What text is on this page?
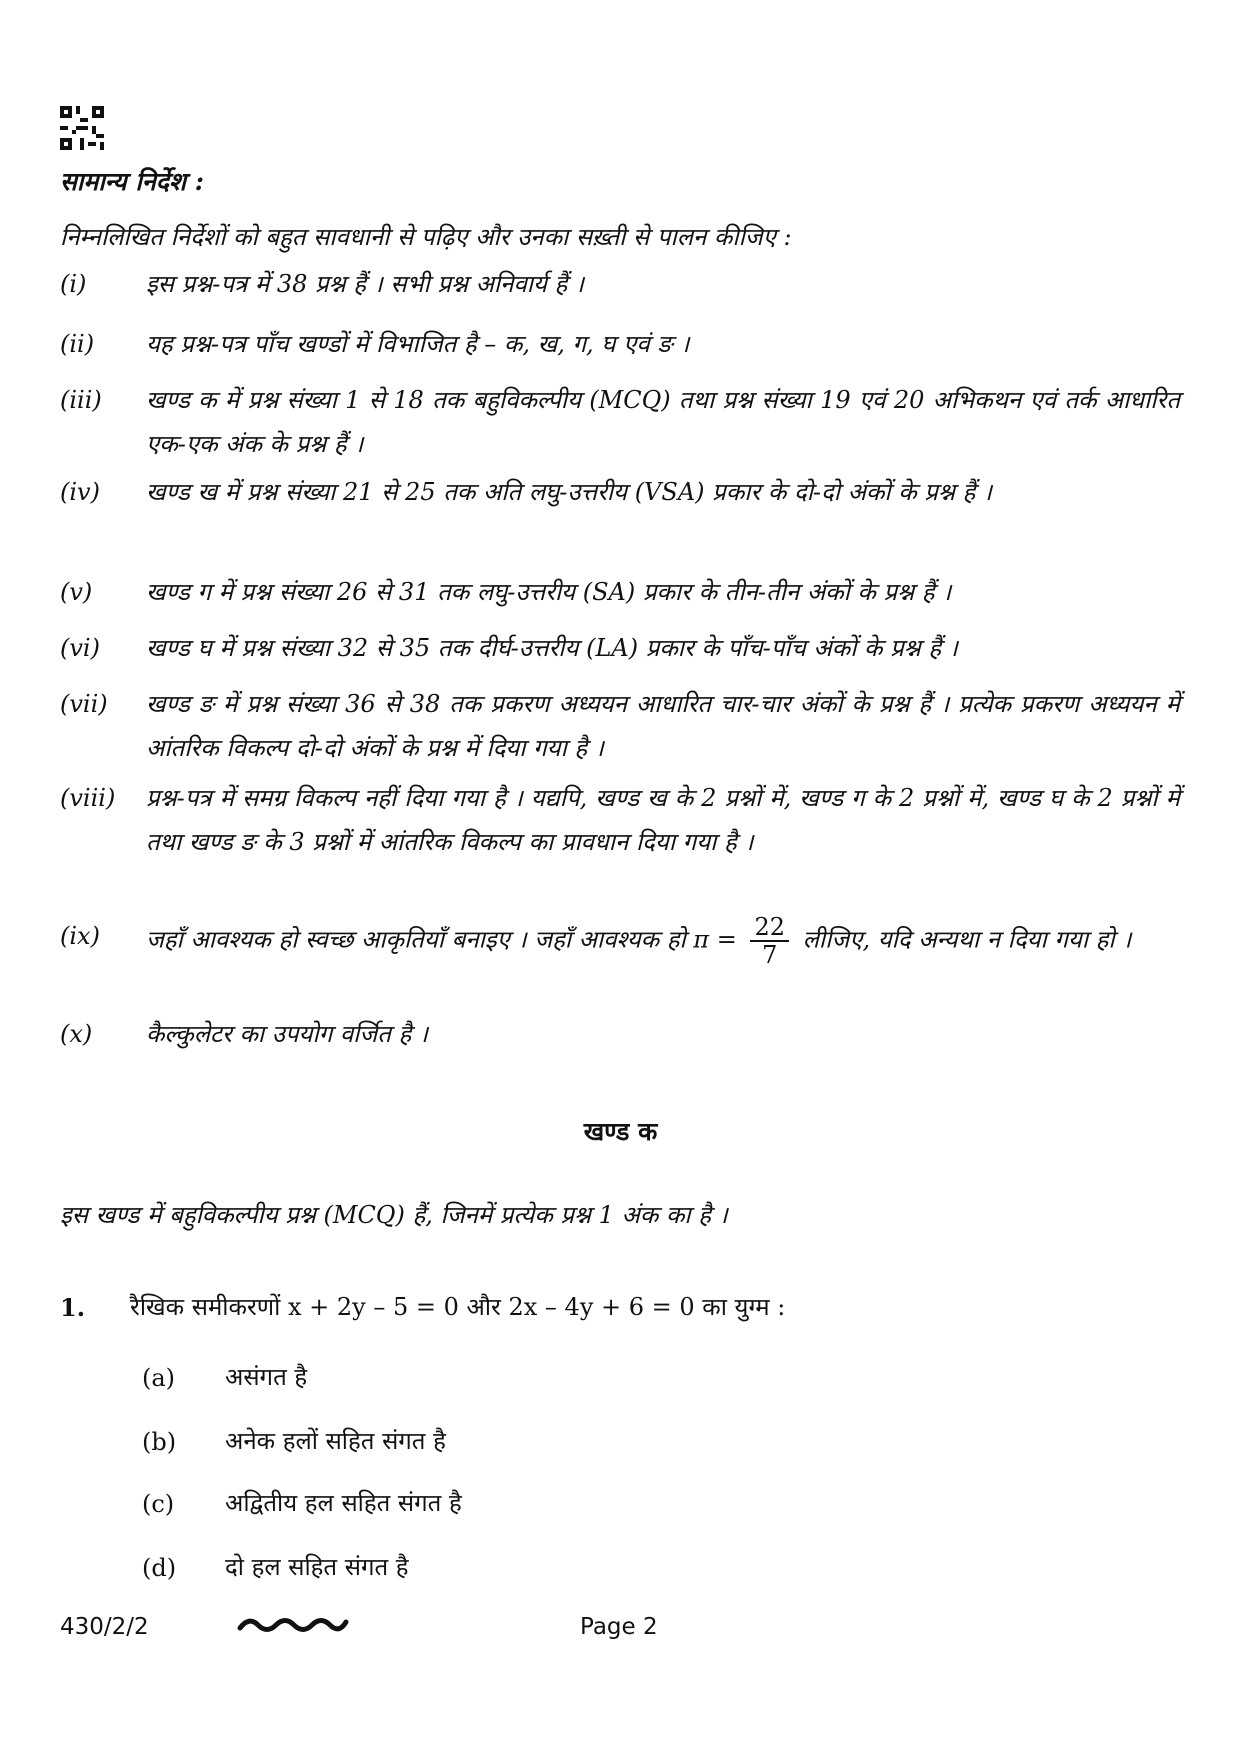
सामान्य निर्देश :
निम्नलिखित निर्देशों को बहुत सावधानी से पढ़िए और उनका सख़्ती से पालन कीजिए :
(i)	इस प्रश्न-पत्र में 38 प्रश्न हैं । सभी प्रश्न अनिवार्य हैं ।
(ii)	यह प्रश्न-पत्र पाँच खण्डों में विभाजित है – क, ख, ग, घ एवं ङ ।
(iii)	खण्ड क में प्रश्न संख्या 1 से 18 तक बहुविकल्पीय (MCQ) तथा प्रश्न संख्या 19 एवं 20 अभिकथन एवं तर्क आधारित एक-एक अंक के प्रश्न हैं ।
(iv)	खण्ड ख में प्रश्न संख्या 21 से 25 तक अति लघु-उत्तरीय (VSA) प्रकार के दो-दो अंकों के प्रश्न हैं ।
(v)	खण्ड ग में प्रश्न संख्या 26 से 31 तक लघु-उत्तरीय (SA) प्रकार के तीन-तीन अंकों के प्रश्न हैं ।
(vi)	खण्ड घ में प्रश्न संख्या 32 से 35 तक दीर्घ-उत्तरीय (LA) प्रकार के पाँच-पाँच अंकों के प्रश्न हैं ।
(vii)	खण्ड ङ में प्रश्न संख्या 36 से 38 तक प्रकरण अध्ययन आधारित चार-चार अंकों के प्रश्न हैं । प्रत्येक प्रकरण अध्ययन में आंतरिक विकल्प दो-दो अंकों के प्रश्न में दिया गया है ।
(viii)	प्रश्न-पत्र में समग्र विकल्प नहीं दिया गया है । यद्यपि, खण्ड ख के 2 प्रश्नों में, खण्ड ग के 2 प्रश्नों में, खण्ड घ के 2 प्रश्नों में तथा खण्ड ङ के 3 प्रश्नों में आंतरिक विकल्प का प्रावधान दिया गया है ।
(ix)	जहाँ आवश्यक हो स्वच्छ आकृतियाँ बनाइए । जहाँ आवश्यक हो $\pi = \frac{22}{7}$ लीजिए, यदि अन्यथा न दिया गया हो ।
(x)	कैल्कुलेटर का उपयोग वर्जित है ।
खण्ड क
इस खण्ड में बहुविकल्पीय प्रश्न (MCQ) हैं, जिनमें प्रत्येक प्रश्न 1 अंक का है ।
1. रैखिक समीकरणों x + 2y – 5 = 0 और 2x – 4y + 6 = 0 का युग्म :
(a) असंगत है
(b) अनेक हलों सहित संगत है
(c) अद्वितीय हल सहित संगत है
(d) दो हल सहित संगत है
430/2/2	Page 2
